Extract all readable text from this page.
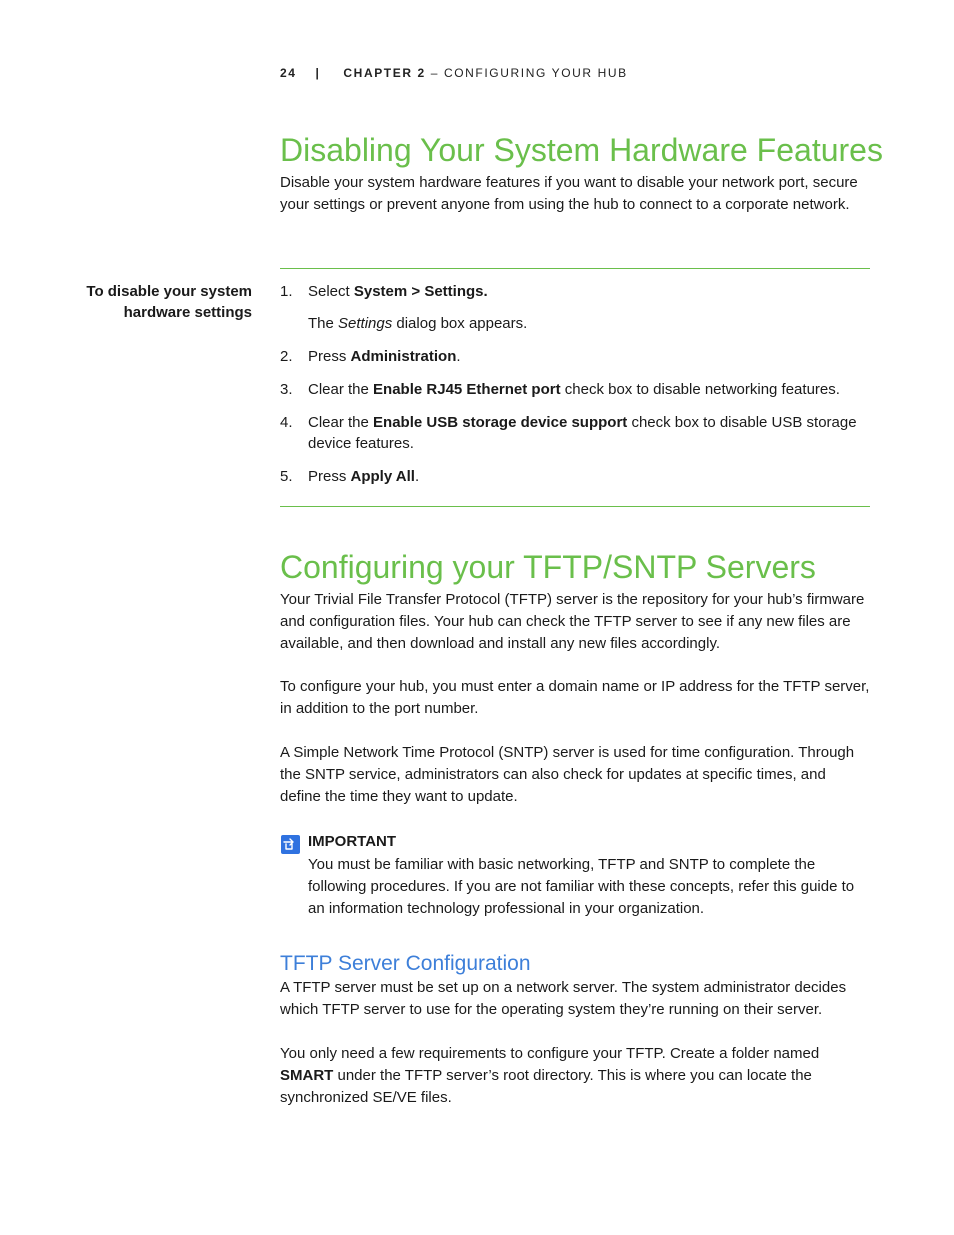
24 | CHAPTER 2 – CONFIGURING YOUR HUB
Disabling Your System Hardware Features
Disable your system hardware features if you want to disable your network port, secure your settings or prevent anyone from using the hub to connect to a corporate network.
To disable your system
hardware settings
1. Select System > Settings.
The Settings dialog box appears.
2. Press Administration.
3. Clear the Enable RJ45 Ethernet port check box to disable networking features.
4. Clear the Enable USB storage device support check box to disable USB storage device features.
5. Press Apply All.
Configuring your TFTP/SNTP Servers
Your Trivial File Transfer Protocol (TFTP) server is the repository for your hub’s firmware and configuration files. Your hub can check the TFTP server to see if any new files are available, and then download and install any new files accordingly.
To configure your hub, you must enter a domain name or IP address for the TFTP server, in addition to the port number.
A Simple Network Time Protocol (SNTP) server is used for time configuration. Through the SNTP service, administrators can also check for updates at specific times, and define the time they want to update.
IMPORTANT
You must be familiar with basic networking, TFTP and SNTP to complete the following procedures. If you are not familiar with these concepts, refer this guide to an information technology professional in your organization.
TFTP Server Configuration
A TFTP server must be set up on a network server. The system administrator decides which TFTP server to use for the operating system they’re running on their server.
You only need a few requirements to configure your TFTP. Create a folder named SMART under the TFTP server’s root directory. This is where you can locate the synchronized SE/VE files.
